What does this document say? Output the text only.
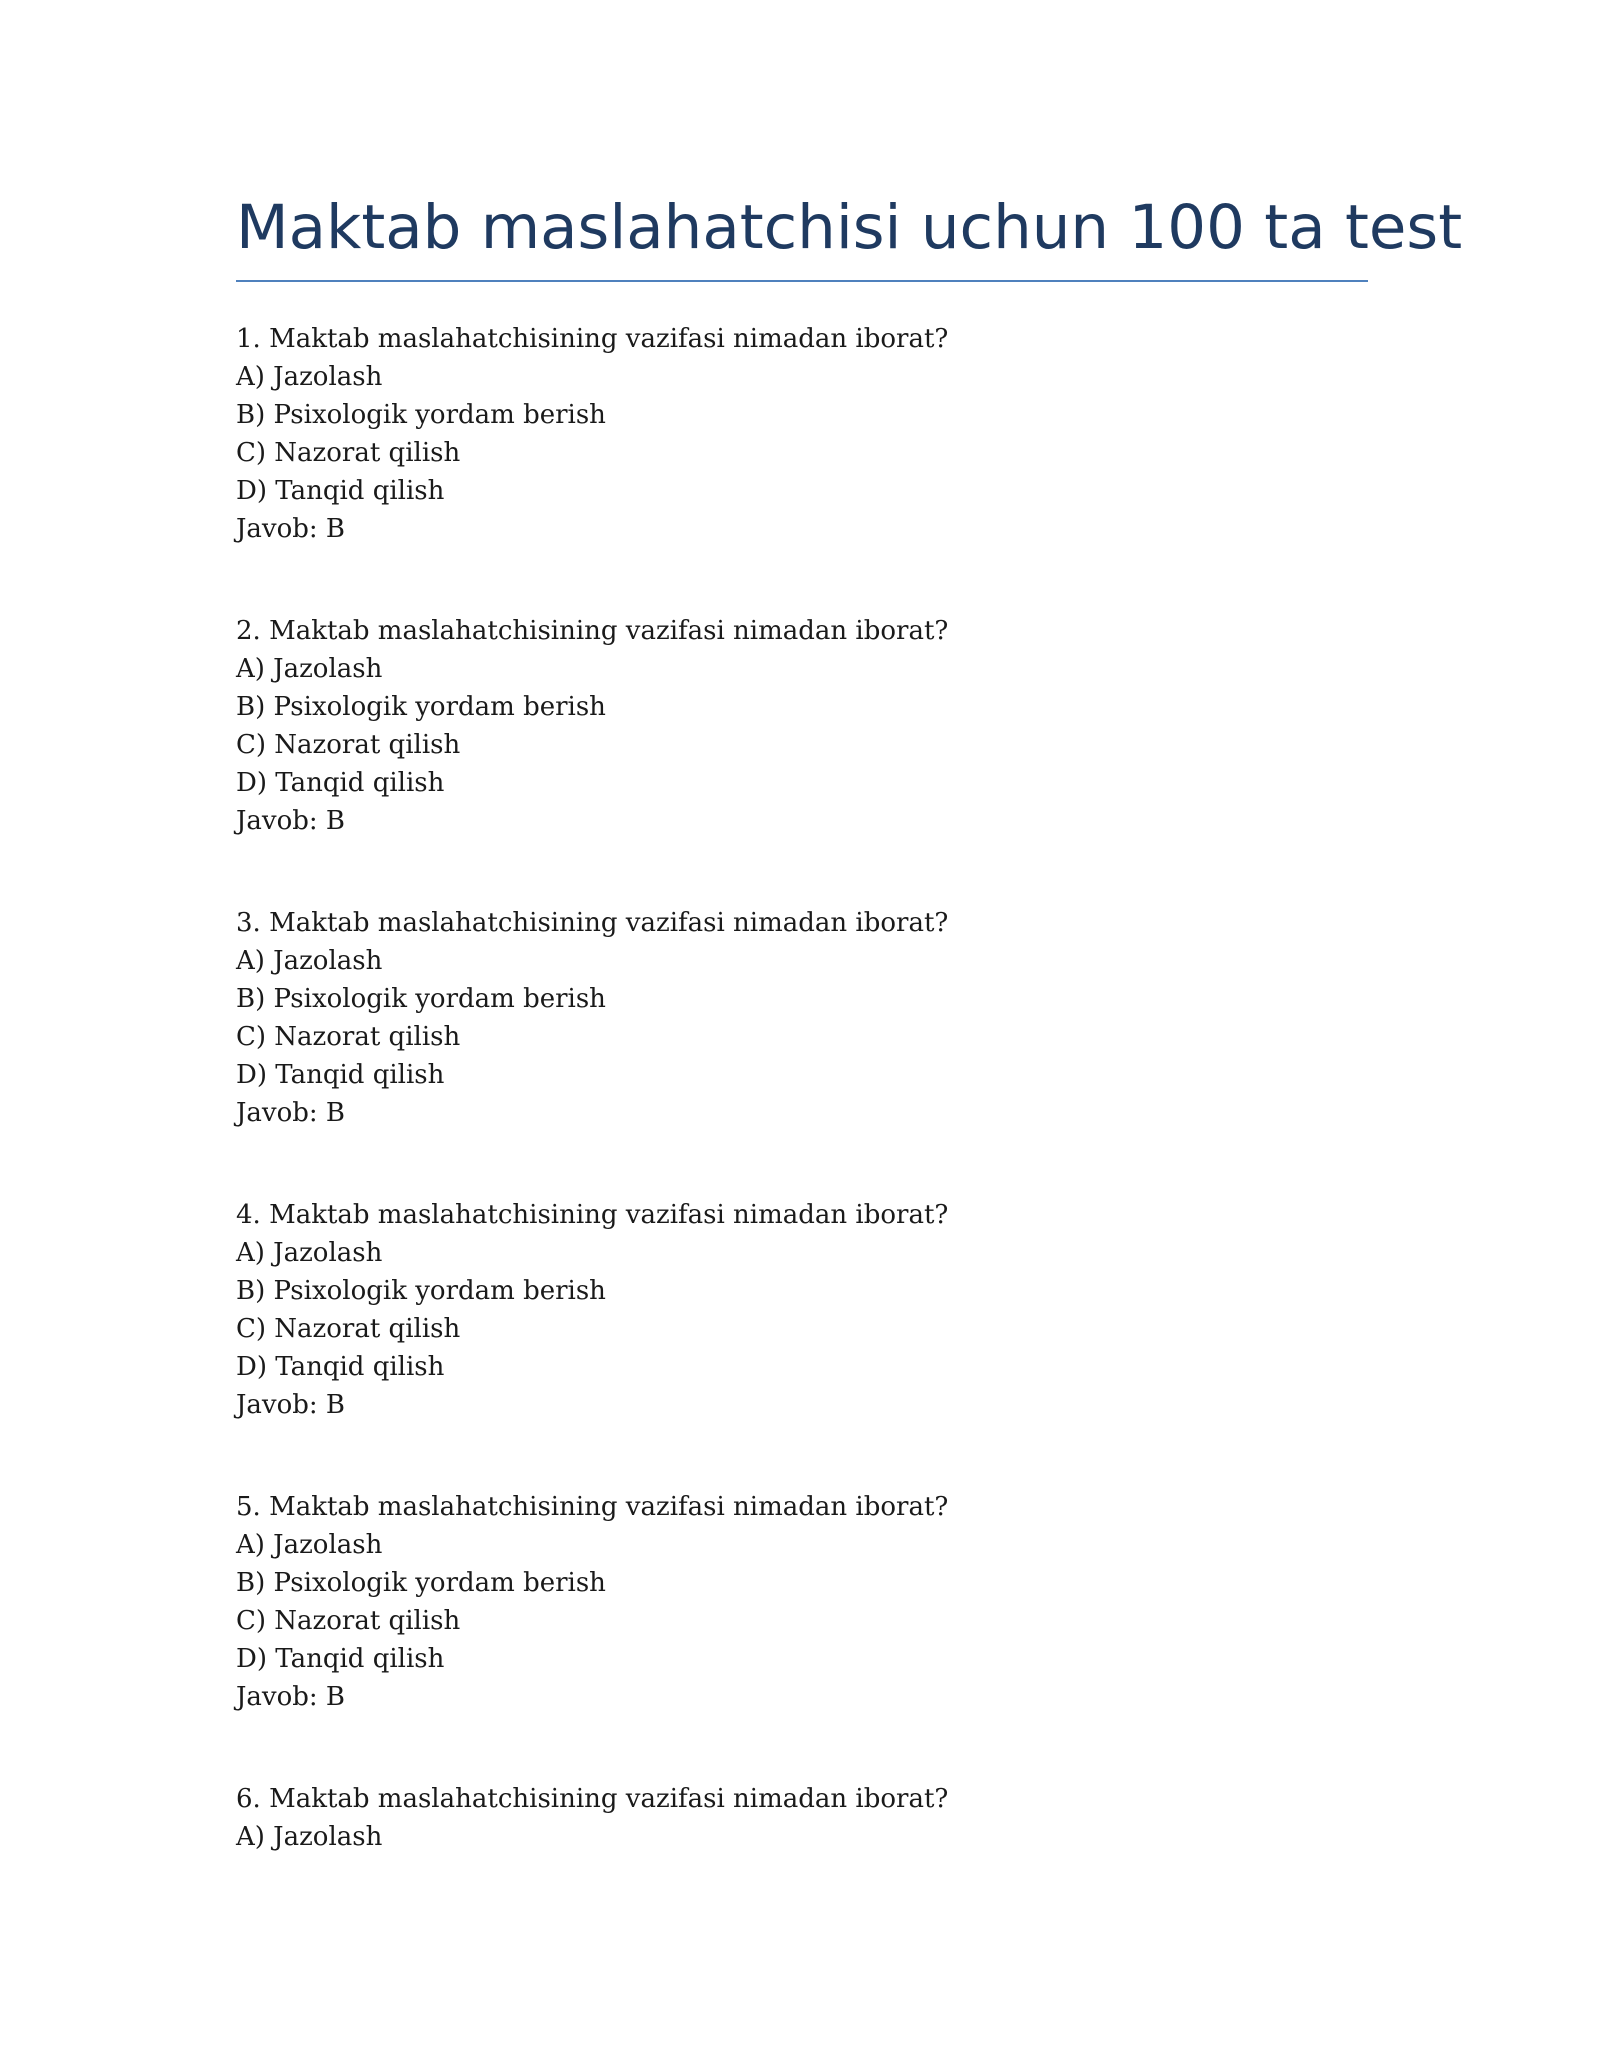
Maktab maslahatchisi uchun 100 ta test
1. Maktab maslahatchisining vazifasi nimadan iborat?
A) Jazolash
B) Psixologik yordam berish
C) Nazorat qilish
D) Tanqid qilish
Javob: B
2. Maktab maslahatchisining vazifasi nimadan iborat?
A) Jazolash
B) Psixologik yordam berish
C) Nazorat qilish
D) Tanqid qilish
Javob: B
3. Maktab maslahatchisining vazifasi nimadan iborat?
A) Jazolash
B) Psixologik yordam berish
C) Nazorat qilish
D) Tanqid qilish
Javob: B
4. Maktab maslahatchisining vazifasi nimadan iborat?
A) Jazolash
B) Psixologik yordam berish
C) Nazorat qilish
D) Tanqid qilish
Javob: B
5. Maktab maslahatchisining vazifasi nimadan iborat?
A) Jazolash
B) Psixologik yordam berish
C) Nazorat qilish
D) Tanqid qilish
Javob: B
6. Maktab maslahatchisining vazifasi nimadan iborat?
A) Jazolash
